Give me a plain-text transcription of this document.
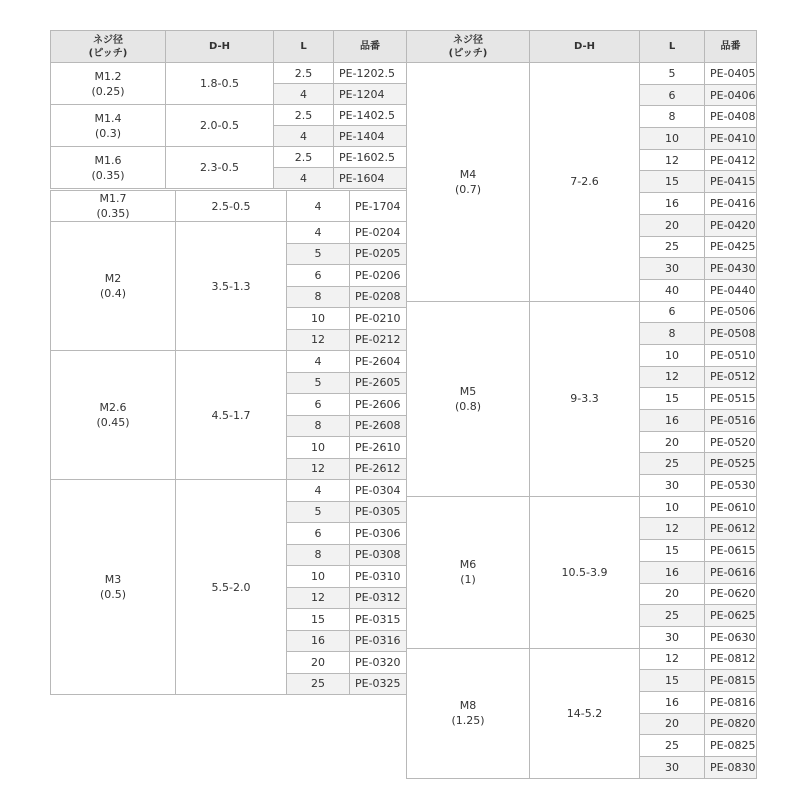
ネジ径
(ピッチ)	D-H	L	品番
M1.2
(0.25)	1.8-0.5	2.5	PE-1202.5
		4	PE-1204
M1.4
(0.3)	2.0-0.5	2.5	PE-1402.5
		4	PE-1404
M1.6
(0.35)	2.3-0.5	2.5	PE-1602.5
		4	PE-1604
M1.7
(0.35)	2.5-0.5	4	PE-1704
M2
(0.4)	3.5-1.3	4	PE-0204
		5	PE-0205
		6	PE-0206
		8	PE-0208
		10	PE-0210
		12	PE-0212
M2.6
(0.45)	4.5-1.7	4	PE-2604
		5	PE-2605
		6	PE-2606
		8	PE-2608
		10	PE-2610
		12	PE-2612
M3
(0.5)	5.5-2.0	4	PE-0304
		5	PE-0305
		6	PE-0306
		8	PE-0308
		10	PE-0310
		12	PE-0312
		15	PE-0315
		16	PE-0316
		20	PE-0320
		25	PE-0325
ネジ径
(ピッチ)	D-H	L	品番
M4
(0.7)	7-2.6	5	PE-0405
		6	PE-0406
		8	PE-0408
		10	PE-0410
		12	PE-0412
		15	PE-0415
		16	PE-0416
		20	PE-0420
		25	PE-0425
		30	PE-0430
		40	PE-0440
M5
(0.8)	9-3.3	6	PE-0506
		8	PE-0508
		10	PE-0510
		12	PE-0512
		15	PE-0515
		16	PE-0516
		20	PE-0520
		25	PE-0525
		30	PE-0530
M6
(1)	10.5-3.9	10	PE-0610
		12	PE-0612
		15	PE-0615
		16	PE-0616
		20	PE-0620
		25	PE-0625
		30	PE-0630
M8
(1.25)	14-5.2	12	PE-0812
		15	PE-0815
		16	PE-0816
		20	PE-0820
		25	PE-0825
		30	PE-0830
